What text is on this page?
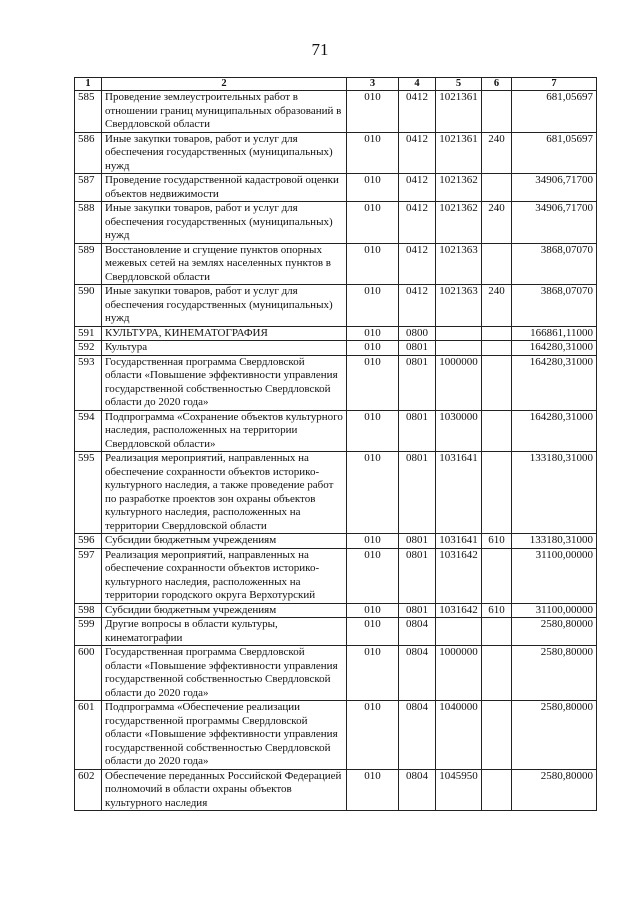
71
1	2	3	4	5	6	7
585	Проведение землеустроительных работ в отношении границ муниципальных образований в Свердловской области	010	0412	1021361		681,05697
586	Иные закупки товаров, работ и услуг для обеспечения государственных (муниципальных) нужд	010	0412	1021361	240	681,05697
587	Проведение государственной кадастровой оценки объектов недвижимости	010	0412	1021362		34906,71700
588	Иные закупки товаров, работ и услуг для обеспечения государственных (муниципальных) нужд	010	0412	1021362	240	34906,71700
589	Восстановление и сгущение пунктов опорных межевых сетей на землях населенных пунктов в Свердловской области	010	0412	1021363		3868,07070
590	Иные закупки товаров, работ и услуг для обеспечения государственных (муниципальных) нужд	010	0412	1021363	240	3868,07070
591	КУЛЬТУРА, КИНЕМАТОГРАФИЯ	010	0800			166861,11000
592	Культура	010	0801			164280,31000
593	Государственная программа Свердловской области «Повышение эффективности управления государственной собственностью Свердловской области до 2020 года»	010	0801	1000000		164280,31000
594	Подпрограмма «Сохранение объектов культурного наследия, расположенных на территории Свердловской области»	010	0801	1030000		164280,31000
595	Реализация мероприятий, направленных на обеспечение сохранности объектов историко-культурного наследия, а также проведение работ по разработке проектов зон охраны объектов культурного наследия, расположенных на территории Свердловской области	010	0801	1031641		133180,31000
596	Субсидии бюджетным учреждениям	010	0801	1031641	610	133180,31000
597	Реализация мероприятий, направленных на обеспечение сохранности объектов историко-культурного наследия, расположенных на территории городского округа Верхотурский	010	0801	1031642		31100,00000
598	Субсидии бюджетным учреждениям	010	0801	1031642	610	31100,00000
599	Другие вопросы в области культуры, кинематографии	010	0804			2580,80000
600	Государственная программа Свердловской области «Повышение эффективности управления государственной собственностью Свердловской области до 2020 года»	010	0804	1000000		2580,80000
601	Подпрограмма «Обеспечение реализации государственной программы Свердловской области «Повышение эффективности управления государственной собственностью Свердловской области до 2020 года»	010	0804	1040000		2580,80000
602	Обеспечение переданных Российской Федерацией полномочий в области охраны объектов культурного наследия	010	0804	1045950		2580,80000
